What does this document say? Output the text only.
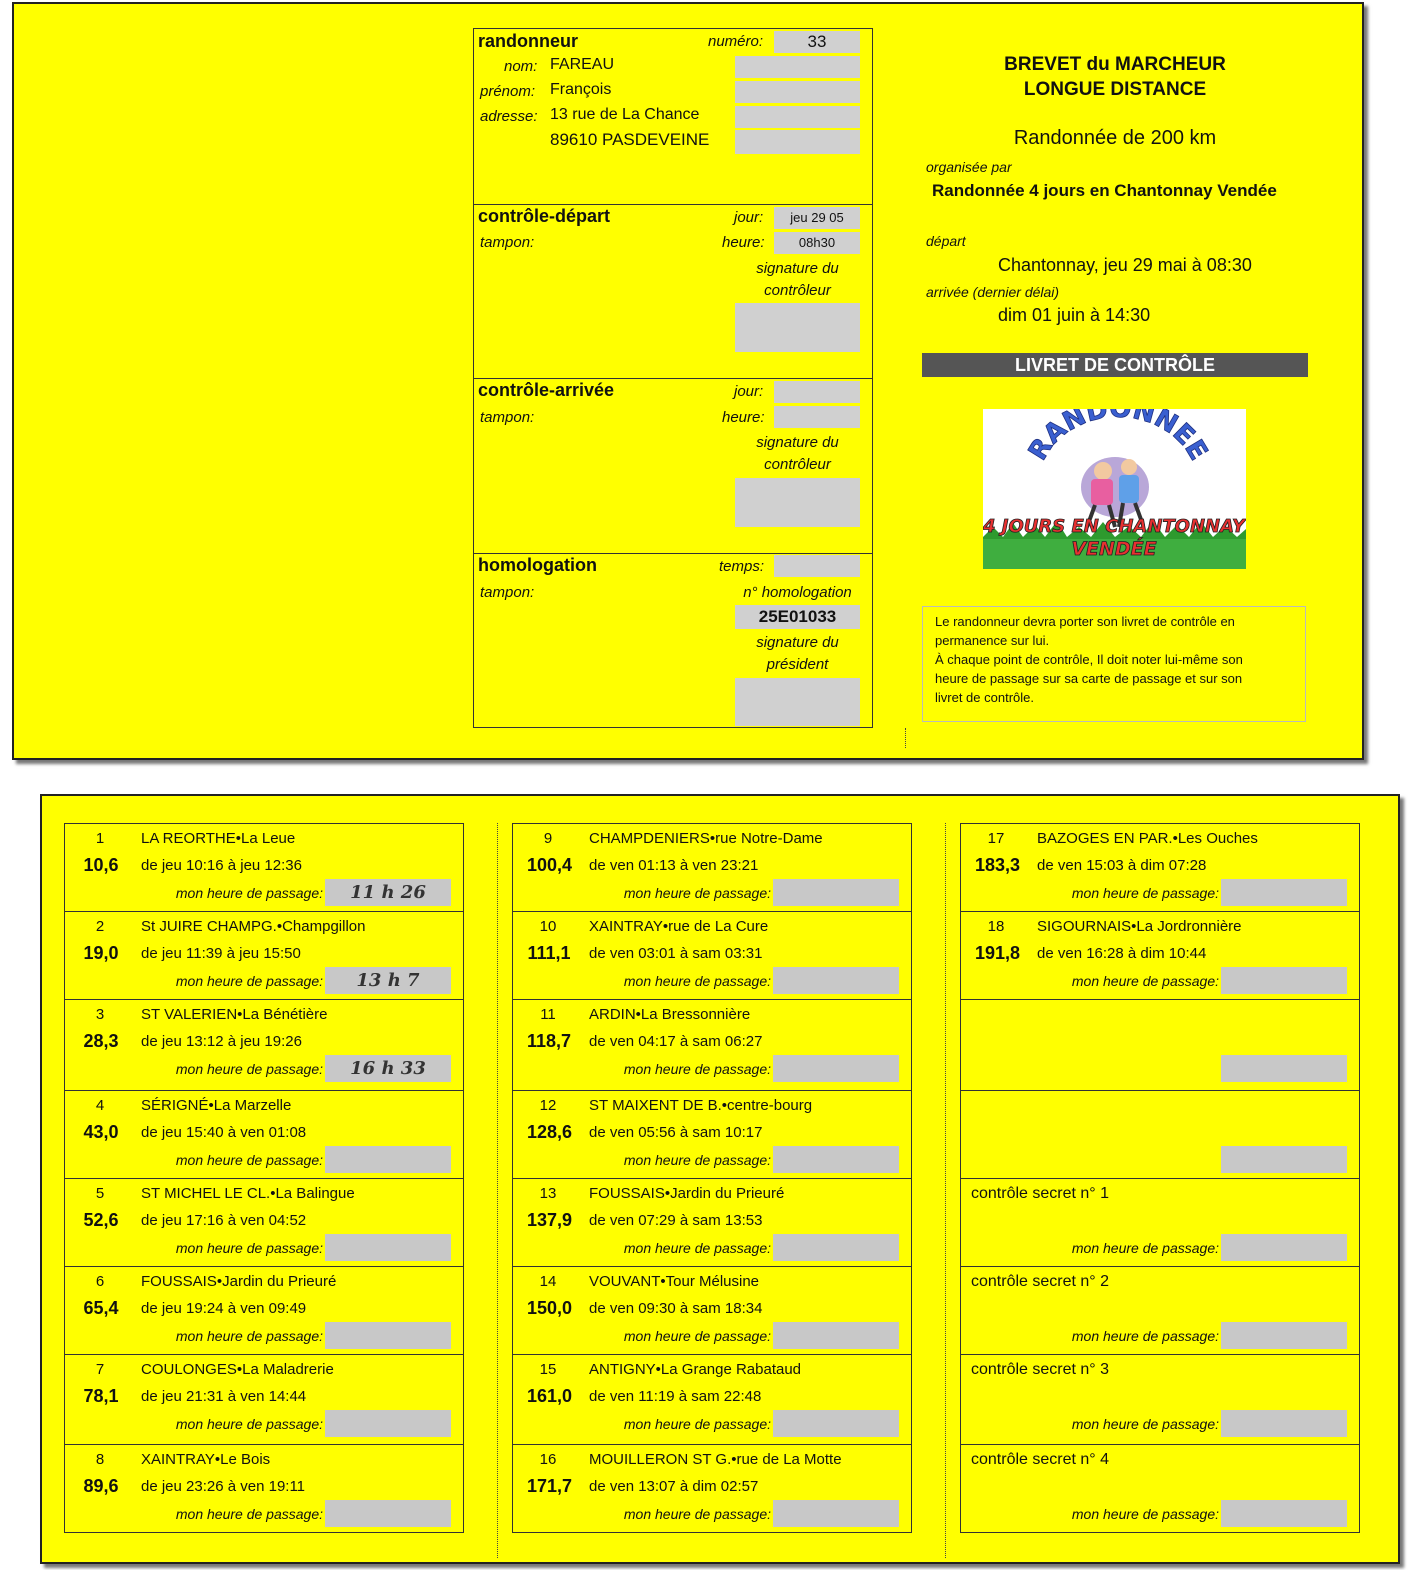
randonneur	numéro:	33
nom: FAREAU
prénom: François
adresse: 13 rue de La Chance
89610 PASDEVEINE
contrôle-départ	jour:	jeu 29 05
tampon:	heure:	08h30
signature du
contrôleur
contrôle-arrivée	jour:
tampon:	heure:
signature du
contrôleur
homologation	temps:
tampon:	n° homologation
25E01033
signature du
président
BREVET du MARCHEUR
LONGUE DISTANCE
Randonnée de 200 km
organisée par
Randonnée 4 jours en Chantonnay Vendée
départ
Chantonnay, jeu 29 mai à 08:30
arrivée (dernier délai)
dim 01 juin à 14:30
LIVRET DE CONTRÔLE
RANDONNEE
4 JOURS EN CHANTONNAY
VENDÉE
Le randonneur devra porter son livret de contrôle en
permanence sur lui.
À chaque point de contrôle, Il doit noter lui-même son
heure de passage sur sa carte de passage et sur son
livret de contrôle.
1	LA REORTHE•La Leue
10,6 de jeu 10:16 à jeu 12:36
mon heure de passage:	11 h 26
2	St JUIRE CHAMPG.•Champgillon
19,0 de jeu 11:39 à jeu 15:50
mon heure de passage:	13 h 7
3	ST VALERIEN•La Bénétière
28,3 de jeu 13:12 à jeu 19:26
mon heure de passage:	16 h 33
4	SÉRIGNÉ•La Marzelle
43,0 de jeu 15:40 à ven 01:08
mon heure de passage:
5	ST MICHEL LE CL.•La Balingue
52,6 de jeu 17:16 à ven 04:52
mon heure de passage:
6	FOUSSAIS•Jardin du Prieuré
65,4 de jeu 19:24 à ven 09:49
mon heure de passage:
7	COULONGES•La Maladrerie
78,1 de jeu 21:31 à ven 14:44
mon heure de passage:
8	XAINTRAY•Le Bois
89,6 de jeu 23:26 à ven 19:11
mon heure de passage:
9	CHAMPDENIERS•rue Notre-Dame
100,4 de ven 01:13 à ven 23:21
mon heure de passage:
10	XAINTRAY•rue de La Cure
111,1 de ven 03:01 à sam 03:31
mon heure de passage:
11	ARDIN•La Bressonnière
118,7 de ven 04:17 à sam 06:27
mon heure de passage:
12	ST MAIXENT DE B.•centre-bourg
128,6 de ven 05:56 à sam 10:17
mon heure de passage:
13	FOUSSAIS•Jardin du Prieuré
137,9 de ven 07:29 à sam 13:53
mon heure de passage:
14	VOUVANT•Tour Mélusine
150,0 de ven 09:30 à sam 18:34
mon heure de passage:
15	ANTIGNY•La Grange Rabataud
161,0 de ven 11:19 à sam 22:48
mon heure de passage:
16	MOUILLERON ST G.•rue de La Motte
171,7 de ven 13:07 à dim 02:57
mon heure de passage:
17	BAZOGES EN PAR.•Les Ouches
183,3 de ven 15:03 à dim 07:28
mon heure de passage:
18	SIGOURNAIS•La Jordronnière
191,8 de ven 16:28 à dim 10:44
mon heure de passage:
contrôle secret n° 1
mon heure de passage:
contrôle secret n° 2
mon heure de passage:
contrôle secret n° 3
mon heure de passage:
contrôle secret n° 4
mon heure de passage:
